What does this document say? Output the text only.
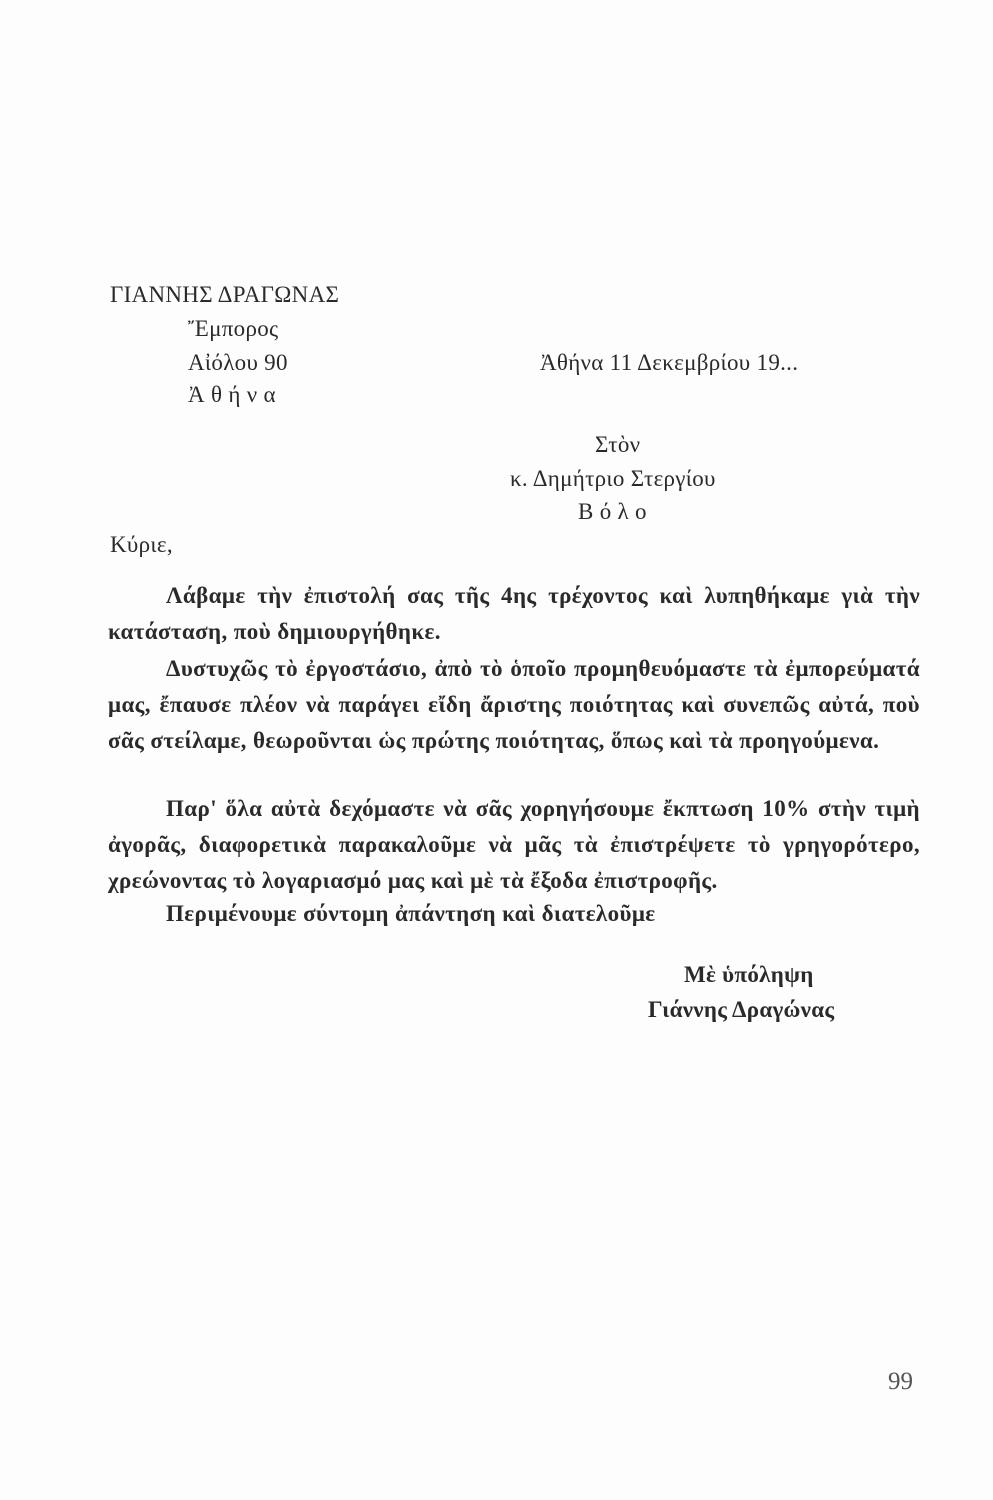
ΓΙΑΝΝΗΣ ΔΡΑΓΩΝΑΣ
Ἔμπορος
Αἰόλου 90
Ἀ θ ή ν α
Ἀθήνα 11 Δεκεμβρίου 19...
Στὸν
κ. Δημήτριο Στεργίου
Β ό λ ο
Κύριε,

Λάβαμε τὴν ἐπιστολή σας τῆς 4ης τρέχοντος καὶ λυπηθήκαμε γιὰ τὴν κατάσταση, ποὺ δημιουργήθηκε.

Δυστυχῶς τὸ ἐργοστάσιο, ἀπὸ τὸ ὁποῖο προμηθευόμαστε τὰ ἐμπορεύματά μας, ἔπαυσε πλέον νὰ παράγει εἴδη ἄριστης ποιότητας καὶ συνεπῶς αὐτά, ποὺ σᾶς στείλαμε, θεωροῦνται ὡς πρώτης ποιότητας, ὅπως καὶ τὰ προηγούμενα.

Παρ' ὅλα αὐτὰ δεχόμαστε νὰ σᾶς χορηγήσουμε ἔκπτωση 10% στὴν τιμὴ ἀγορᾶς, διαφορετικὰ παρακαλοῦμε νὰ μᾶς τὰ ἐπιστρέψετε τὸ γρηγορότερο, χρεώνοντας τὸ λογαριασμό μας καὶ μὲ τὰ ἔξοδα ἐπιστροφῆς.

Περιμένουμε σύντομη ἀπάντηση καὶ διατελοῦμε

Μὲ ὑπόληψη
Γιάννης Δραγώνας
99
